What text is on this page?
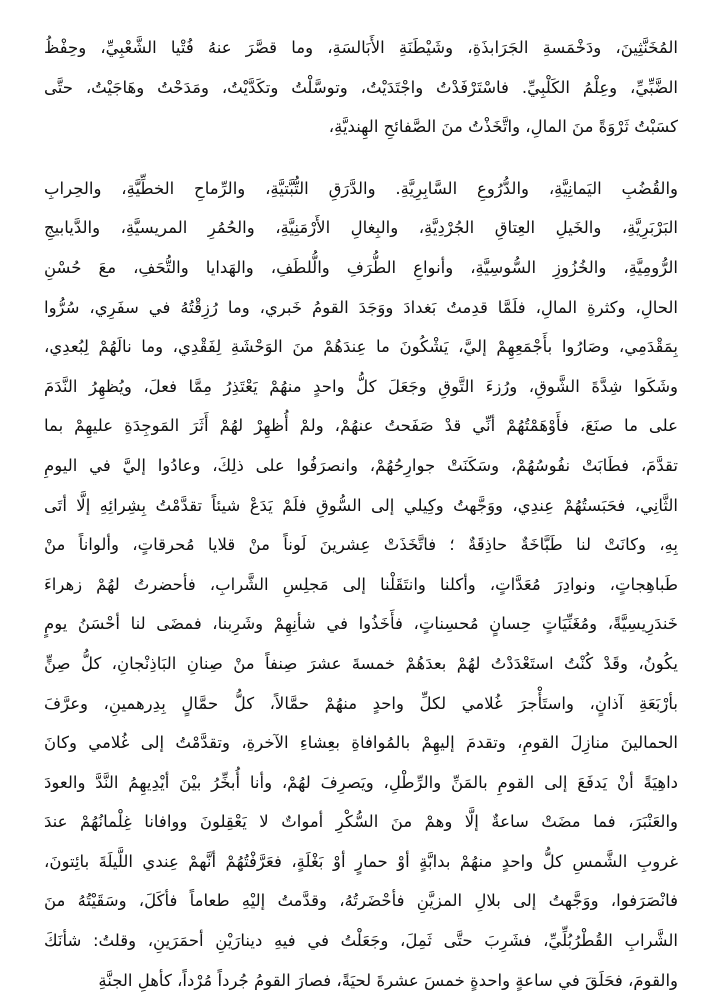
المُخَنَّثِينَ، ودَخْمَسةِ الجَرَابذَةِ، وشَيْطَنَةِ الأَبَالسَةِ، وما قصَّرَ عنهُ فُتْيا الشَّعْبِيِّ، وحِفْظُ

الضَّبِّيِّ، وعِلْمُ الكَلْبِيِّ. فاسْتَرْفَدْتُ واجْتَدَيْتُ، وتوسَّلْتُ وتكَدَّيْتُ، ومَدَحْتُ وهَاجَيْتُ، حتَّى

كسَبْتُ ثَرْوَةً منَ المالِ، واتَّخَذْتُ منَ الصَّفائحِ الهِنديَّةِ،

والقُضُبِ اليَمانِيَّةِ، والدُّرُوعِ السَّابِرِيَّةِ. والدَّرَقِ التُّبَّتيَّةِ، والرِّماحِ الخطِّيَّةِ، والحِرابِ

البَرْبَرِيَّةِ، والخَيلِ العِتاقِ الجُرْدِيَّةِ، والبِغالِ الأَرْمَنِيَّةِ، والحُمُرِ المريسيَّةِ، والدَّيابيجِ

الرُّومِيَّةِ، والخُزُوزِ السُّوسِيَّةِ، وأنواعِ الطُّرَفِ والُّلطَفِ، والهَدايا والتُّحَفِ، معَ حُسْنِ

الحالِ، وكثرةِ المالِ، فلَمَّا قدِمتُ بَغدادَ ووَجَدَ القومُ خَبري، وما رُزِقْتُهُ في سفَرِي، سُرُّوا

بِمَقْدَمِي، وصَارُوا بأَجْمَعِهِمْ إليَّ، يَشْكُونَ ما عِندَهُمْ منَ الوَحْشَةِ لِفَقْدِي، وما نالَهُمْ لِبُعدِي،

وشَكَوا شِدَّةَ الشَّوقِ، ورُزءَ التَّوقِ وجَعَلَ كلُّ واحدٍ منهُمْ يَعْتَذِرُ مِمَّا فعلَ، ويُظهِرُ النَّدَمَ

على ما صنَعَ، فأَوْهَمْتُهُمْ أنِّي قدْ صَفَحتُ عنهُمْ، ولمْ أُظهِرْ لهُمْ أَثَرَ المَوجِدَةِ عليهِمْ بما

تقدَّمَ، فطَابَتْ نفُوسُهُمْ، وسَكَنَتْ جوارِحُهُمْ، وانصرَفُوا على ذلِكَ، وعادُوا إليَّ في اليومِ

الثَّانِي، فحَبَستُهُمْ عِندِي، ووَجَّهتُ وكِيلي إلى السُّوقِ فلَمْ يَدَعْ شيئاً تقدَّمْتُ بِشِرائِهِ إلَّا أتَى

بِهِ، وكانَتْ لنا طَبَّاخَةٌ حاذِقَةٌ ؛ فاتَّخَذَتْ عِشرينَ لَوناً منْ قلايا مُحرقاتٍ، وألواناً منْ

طَباهِجاتٍ، ونوادِرَ مُعَدَّاتٍ، وأكلنا وانتَقَلْنا إلى مَجلِسِ الشَّرابِ، فأحضرتُ لهُمْ زهراءَ

خَندَرِيسِيَّةً، ومُغَنِّيَاتٍ حِسانٍ مُحسِناتٍ، فأَخَذُوا في شأنِهِمْ وشَرِبنا، فمضَى لنا أحْسَنُ يومٍ

يكُونُ، وقَدْ كُنْتُ استَعْدَدْتُ لهُمْ بعدَهُمْ خمسةَ عشرَ صِنفاً منْ صِنانِ البَاذِنْجانِ، كلُّ صِنٍّ

بأرْبَعَةِ آذانٍ، واستَأْجرَ غُلامي لكلِّ واحدٍ منهُمْ حمَّالاً، كلُّ حمَّالٍ بِدِرهمينِ، وعرَّفَ

الحمالينَ منازِلَ القومِ، وتقدمَ إليهِمْ بالمُوافاةِ بعِشاءِ الآخرةِ، وتقدَّمْتُ إلى غُلامي وكانَ

داهِيَةً أنْ يَدفَعَ إلى القومِ بالمَنِّ والرِّطْلِ، ويَصرِفَ لهُمْ، وأنا أُبخِّرُ بيْنَ أيْدِيهِمُ النَّدَّ والعودَ

والعَنْبَرَ، فما مضَتْ ساعةٌ إلَّا وهمْ منَ السُّكْرِ أمواتٌ لا يَعْقِلونَ ووافانا غِلْمانُهُمْ عندَ

غروبِ الشَّمسِ كلُّ واحدٍ منهُمْ بدابَّةٍ أوْ حمارٍ أوْ بَغْلَةٍ، فعَرَّفْتُهُمْ أنَّهمْ عِندي اللَّيلَةَ بائِتونَ،

فانْصَرَفوا، ووَجَّهتُ إلى بلالِ المزيَّنِ فأحْضَرتُهُ، وقدَّمتُ إليْهِ طعاماً فأكَلَ، وسَقَيْتُهُ منَ

الشَّرابِ القُطْرُبُلِّيِّ، فشَرِبَ حتَّى ثَمِلَ، وجَعَلْتُ في فيهِ دينارَيْنِ أحمَرَينِ، وقلتُ: شأنَكَ

والقومَ، فحَلَقَ في ساعةٍ واحدةٍ خمسَ عشرةَ لحيَةً، فصارَ القومُ جُرداً مُرْداً، كأهلِ الجنَّةِ
